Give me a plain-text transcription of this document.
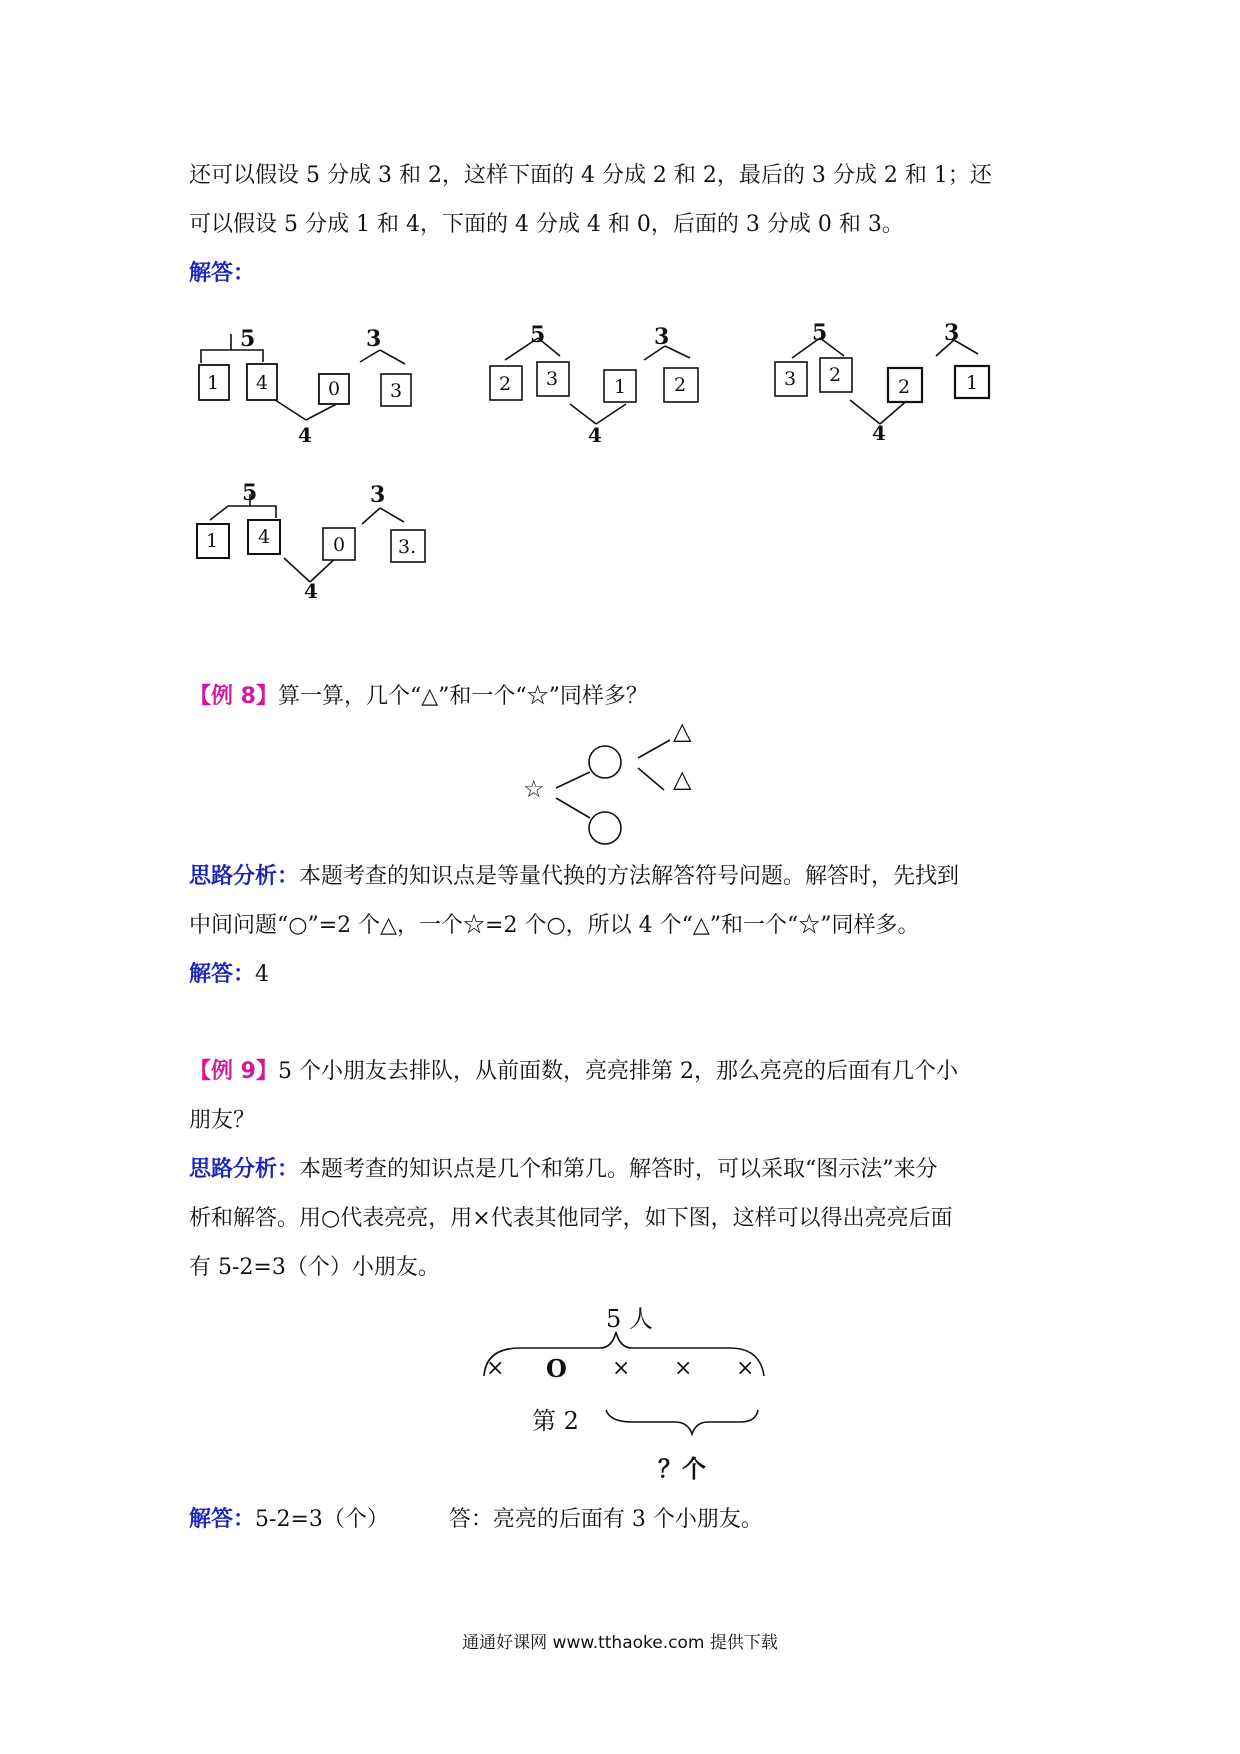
还可以假设 5 分成 3 和 2，这样下面的 4 分成 2 和 2，最后的 3 分成 2 和 1；还
可以假设 5 分成 1 和 4，下面的 4 分成 4 和 0，后面的 3 分成 0 和 3。
解答：
5
1 4
3
0	3
4
5
2 3
3
1	2
4
5
3 2
3
2	1
4
5
1 4
3
0	3.
4
【例 8】算一算，几个“△”和一个“☆”同样多？
☆
△
△
思路分析：本题考查的知识点是等量代换的方法解答符号问题。解答时，先找到
中间问题“○”=2 个△，一个☆=2 个○，所以 4 个“△”和一个“☆”同样多。
解答：4
【例 9】5 个小朋友去排队，从前面数，亮亮排第 2，那么亮亮的后面有几个小
朋友？
思路分析：本题考查的知识点是几个和第几。解答时，可以采取“图示法”来分
析和解答。用○代表亮亮，用×代表其他同学，如下图，这样可以得出亮亮后面
有 5-2=3（个）小朋友。
5 人
× O × × ×
第 2
？个
解答：5-2=3（个）	答：亮亮的后面有 3 个小朋友。
通通好课网 www.tthaoke.com 提供下载
